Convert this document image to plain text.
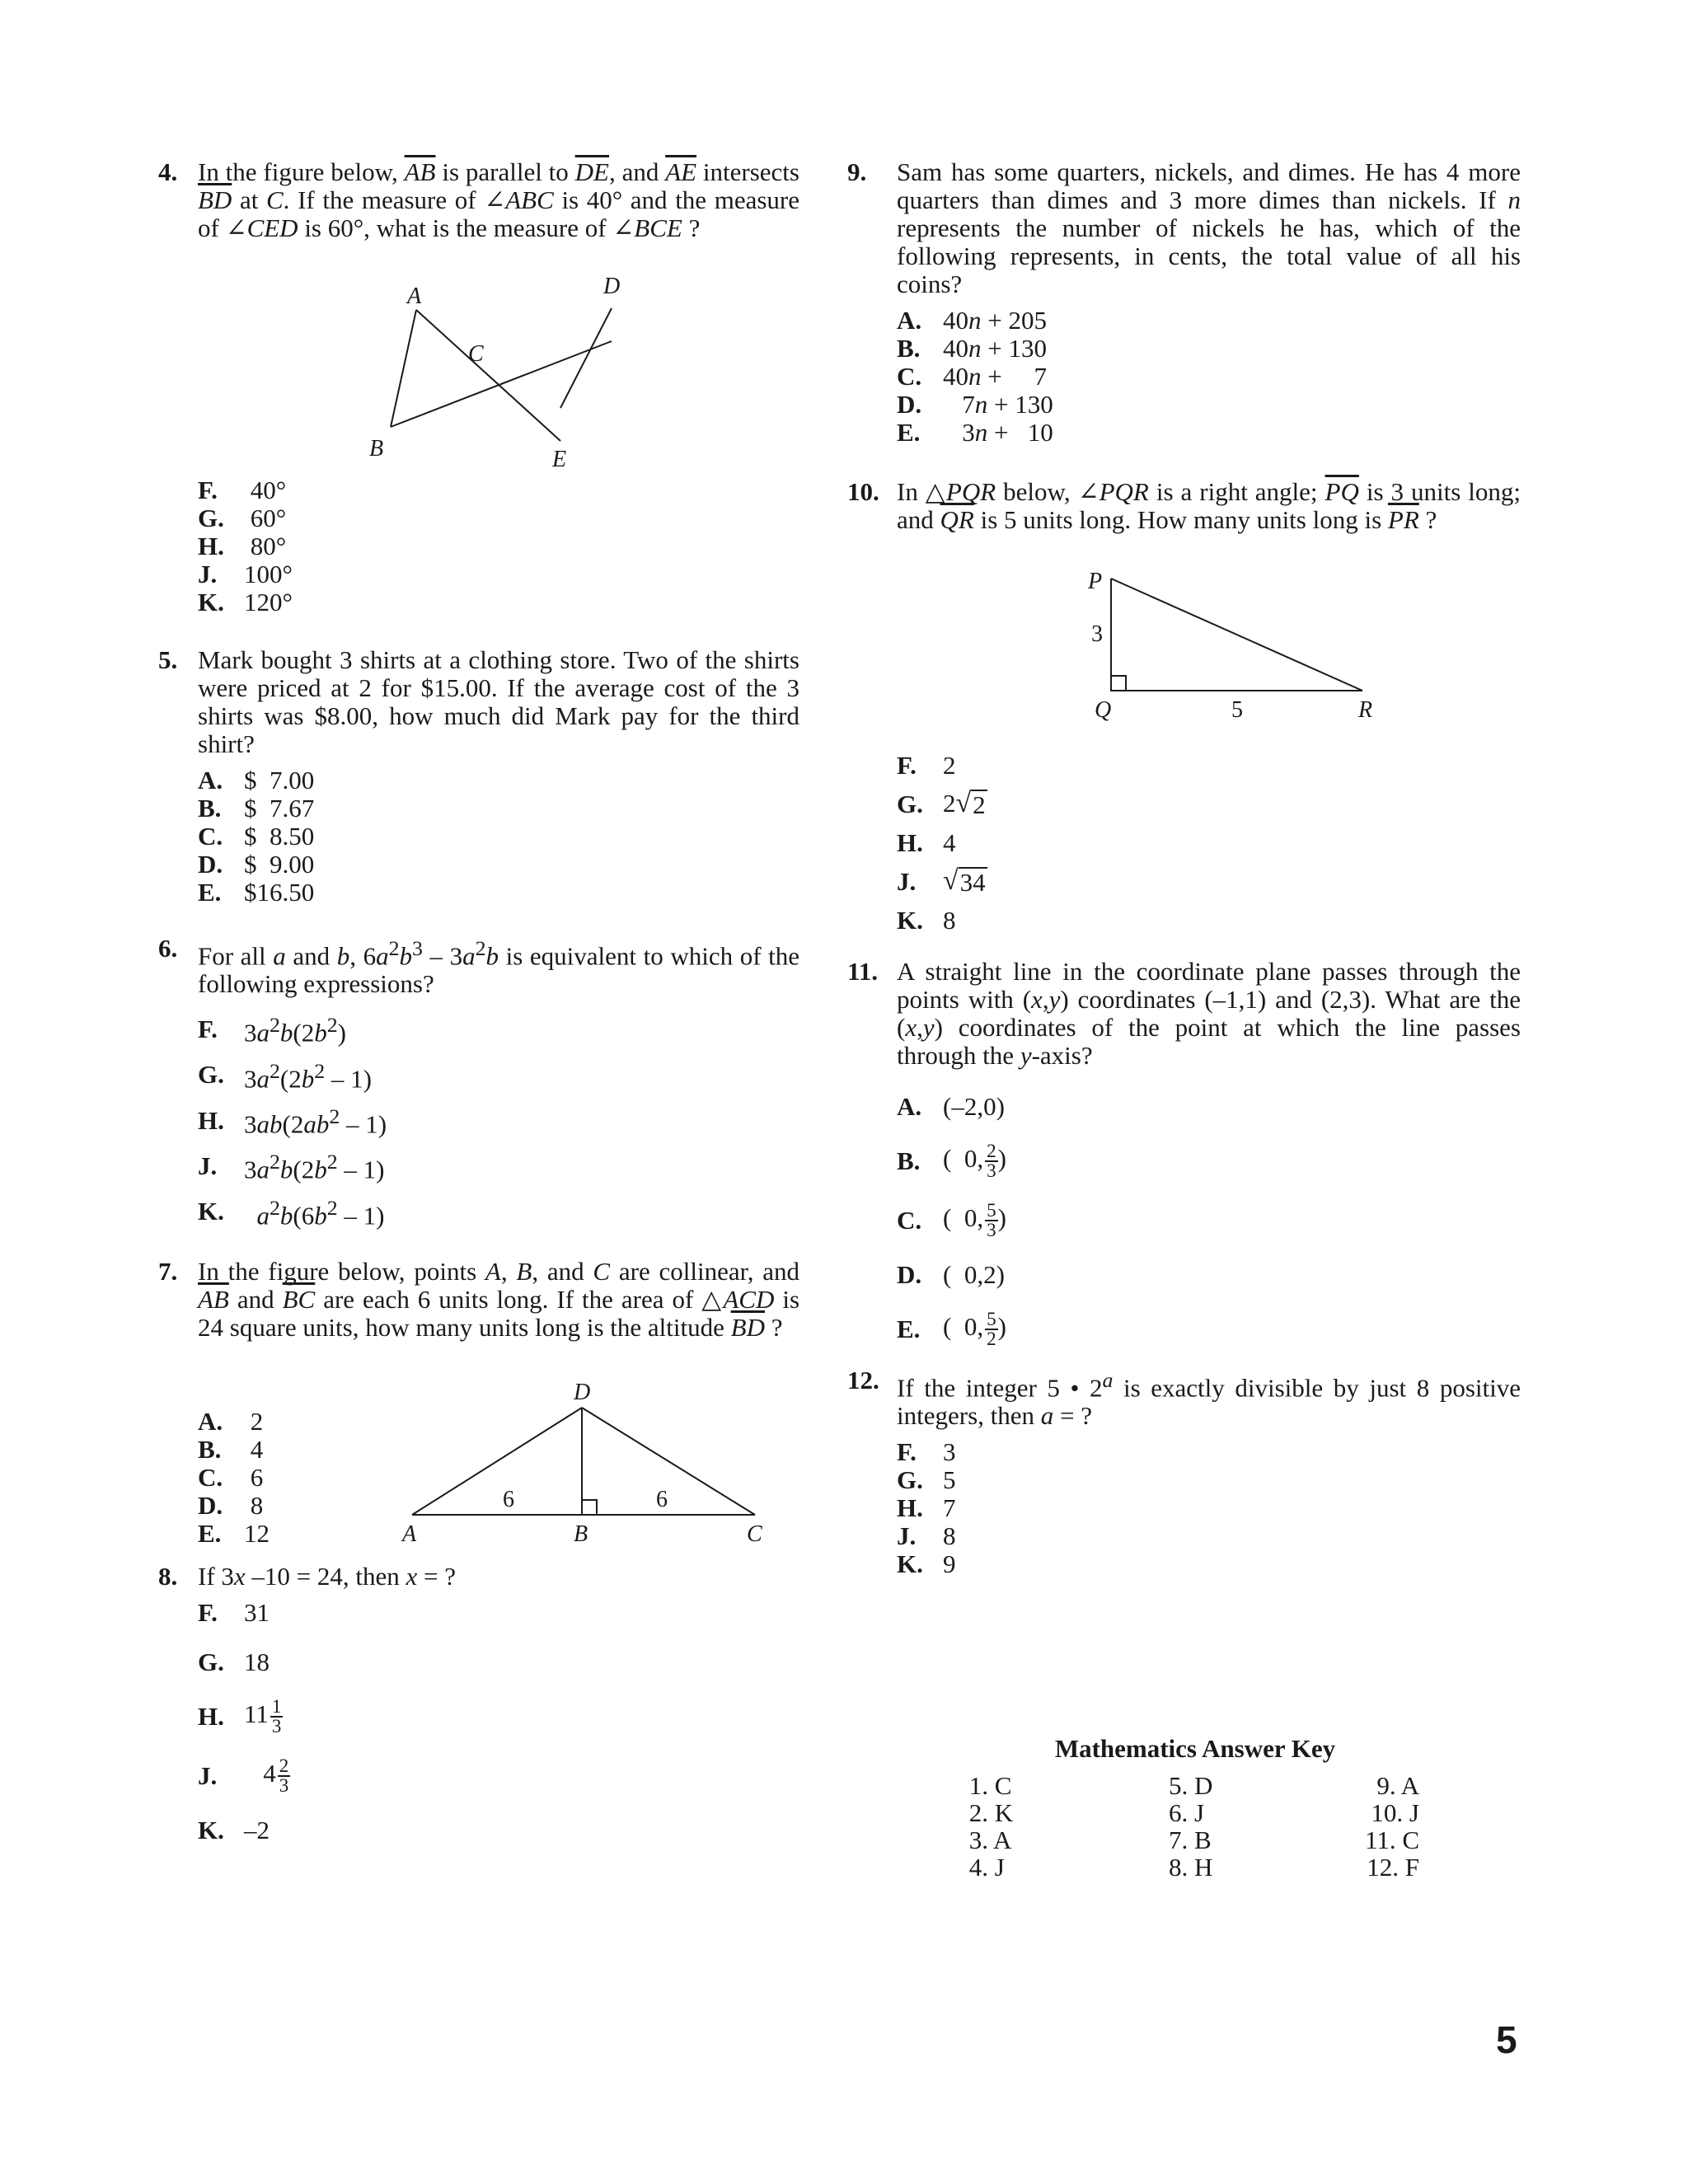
4. In the figure below, $\overline{AB}$ is parallel to $\overline{DE}$, and $\overline{AE}$ intersects $\overline{BD}$ at C. If the measure of ∠ABC is 40° and the measure of ∠CED is 60°, what is the measure of ∠BCE ?
A
B
C
D
E
F.	40°
G. 60°
H. 80°
J.	100°
K. 120°
5. Mark bought 3 shirts at a clothing store. Two of the shirts were priced at 2 for $15.00. If the average cost of the 3 shirts was $8.00, how much did Mark pay for the third shirt?
A. $  7.00
B. $  7.67
C. $  8.50
D. $  9.00
E. $16.50
6. For all a and b, $6a^2b^3 - 3a^2b$ is equivalent to which of the following expressions?
F.	$3a^2b(2b^2)$
G. $3a^2(2b^2 - 1)$
H. $3ab(2ab^2 - 1)$
J.	$3a^2b(2b^2 - 1)$
K.	$a^2b(6b^2 - 1)$
7. In the figure below, points A, B, and C are collinear, and $\overline{AB}$ and $\overline{BC}$ are each 6 units long. If the area of △ACD is 24 square units, how many units long is the altitude $\overline{BD}$ ?
A. 2
B. 4
C. 6
D. 8
E. 12
D
A	B	C
6	6
8. If 3x –10 = 24, then x = ?
F.	31
G. 18
H. $11 \frac{1}{3}$
J.	$4 \frac{2}{3}$
K. –2
9. Sam has some quarters, nickels, and dimes. He has 4 more quarters than dimes and 3 more dimes than nickels. If n represents the number of nickels he has, which of the following represents, in cents, the total value of all his coins?
A. 40n + 205
B. 40n + 130
C. 40n +     7
D. 7n + 130
E. 3n +   10
10. In △PQR below, ∠PQR is a right angle; $\overline{PQ}$ is 3 units long; and $\overline{QR}$ is 5 units long. How many units long is $\overline{PR}$ ?
P
Q	R
3
5
F.	2
G. 2 √ 2
H. 4
J. √ 34
K. 8
11. A straight line in the coordinate plane passes through the points with (x,y) coordinates (–1,1) and (2,3). What are the (x,y) coordinates of the point at which the line passes through the y-axis?
A. (–2,0)
B. (  0, $\frac{2}{3}$ )
C. (  0, $\frac{5}{3}$ )
D. (  0,2)
E. (  0, $\frac{5}{2}$ )
12. If the integer 5 • 2$^a$ is exactly divisible by just 8 positive integers, then a = ?
F.	3
G. 5
H. 7
J.	8
K. 9
Mathematics Answer Key
1. C	5. D	9. A
2. K	6. J	10. J
3. A	7. B	11. C
4. J	8. H	12. F
5
